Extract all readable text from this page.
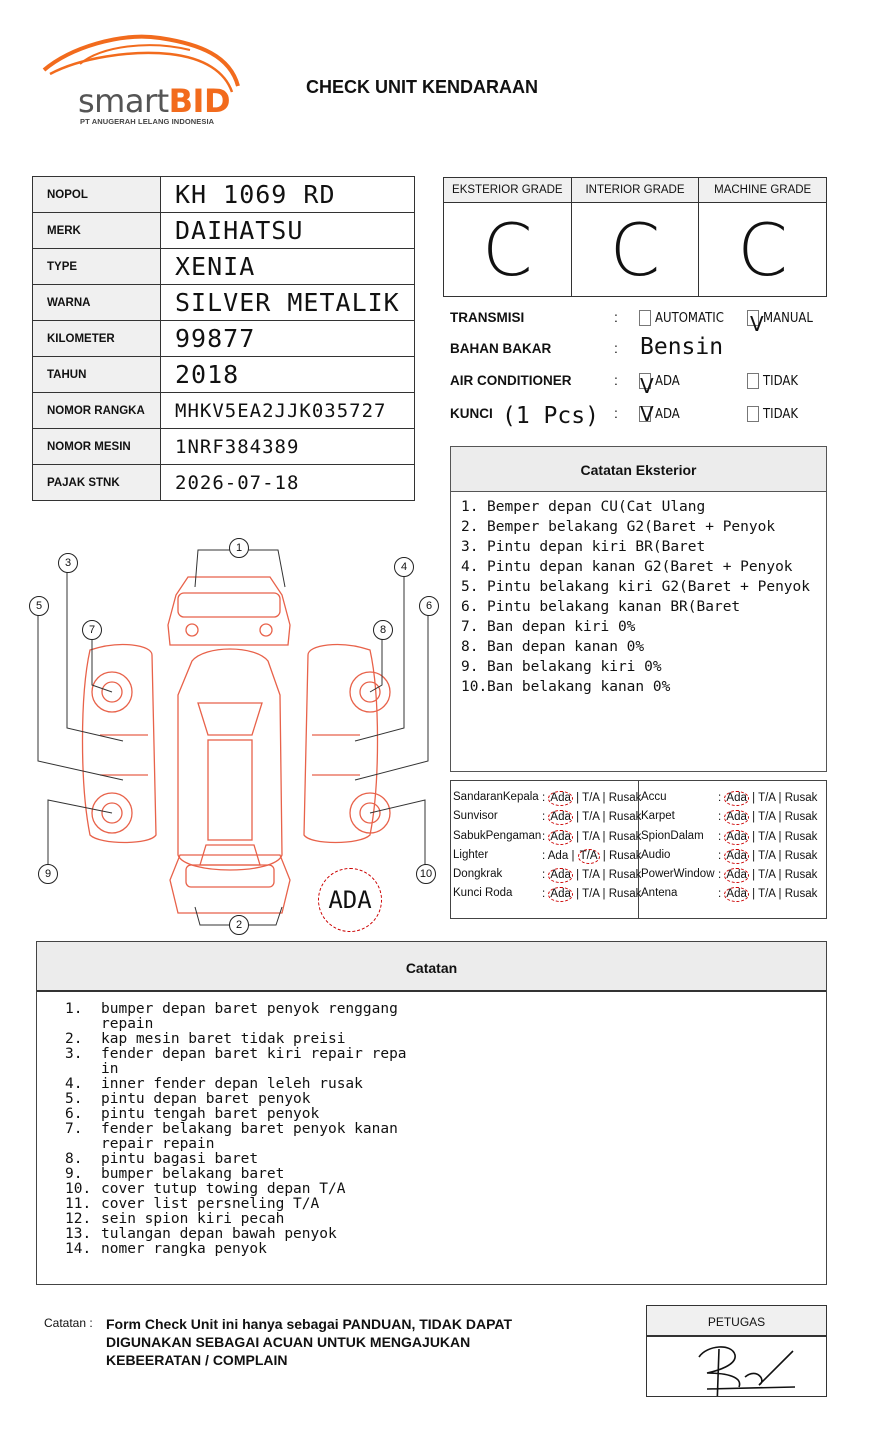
smartBID
PT ANUGERAH LELANG INDONESIA
CHECK UNIT KENDARAAN
NOPOL	KH 1069 RD
MERK	DAIHATSU
TYPE	XENIA
WARNA	SILVER METALIK
KILOMETER	99877
TAHUN	2018
NOMOR RANGKA	MHKV5EA2JJK035727
NOMOR MESIN	1NRF384389
PAJAK STNK	2026-07-18
EKSTERIOR GRADE
C
INTERIOR GRADE
C
MACHINE GRADE
C
TRANSMISI	:	AUTOMATIC V MANUAL
BAHAN BAKAR	: Bensin
AIR CONDITIONER	: V ADA	TIDAK
KUNCI (1 Pcs) : V ADA	TIDAK
Catatan Eksterior
1. Bemper depan CU(Cat Ulang
2. Bemper belakang G2(Baret + Penyok
3. Pintu depan kiri BR(Baret
4. Pintu depan kanan G2(Baret + Penyok
5. Pintu belakang kiri G2(Baret + Penyok
6. Pintu belakang kanan BR(Baret
7. Ban depan kiri 0%
8. Ban depan kanan 0%
9. Ban belakang kiri 0%
10. Ban belakang kanan 0%
SandaranKepala : Ada | T/A | Rusak
Sunvisor	: Ada | T/A | Rusak
SabukPengaman : Ada | T/A | Rusak
Lighter	: Ada | T/A | Rusak
Dongkrak	: Ada | T/A | Rusak
Kunci Roda	: Ada | T/A | Rusak
Accu	: Ada | T/A | Rusak
Karpet	: Ada | T/A | Rusak
SpionDalam : Ada | T/A | Rusak
Audio	: Ada | T/A | Rusak
PowerWindow : Ada | T/A | Rusak
Antena	: Ada | T/A | Rusak
1
2
3	4
5	6
7	8
9	10
ADA
Catatan
1.	bumper depan baret penyok renggang repain
2.	kap mesin baret tidak preisi
3.	fender depan baret kiri repair repa in
4.	inner fender depan leleh rusak
5.	pintu depan baret penyok
6.	pintu tengah baret penyok
7.	fender belakang baret penyok kanan repair repain
8.	pintu bagasi baret
9.	bumper belakang baret
10. cover tutup towing depan T/A
11. cover list persneling T/A
12. sein spion kiri pecah
13. tulangan depan bawah penyok
14. nomer rangka penyok
Catatan : Form Check Unit ini hanya sebagai PANDUAN, TIDAK DAPAT DIGUNAKAN SEBAGAI ACUAN UNTUK MENGAJUKAN KEBEERATAN / COMPLAIN
PETUGAS
